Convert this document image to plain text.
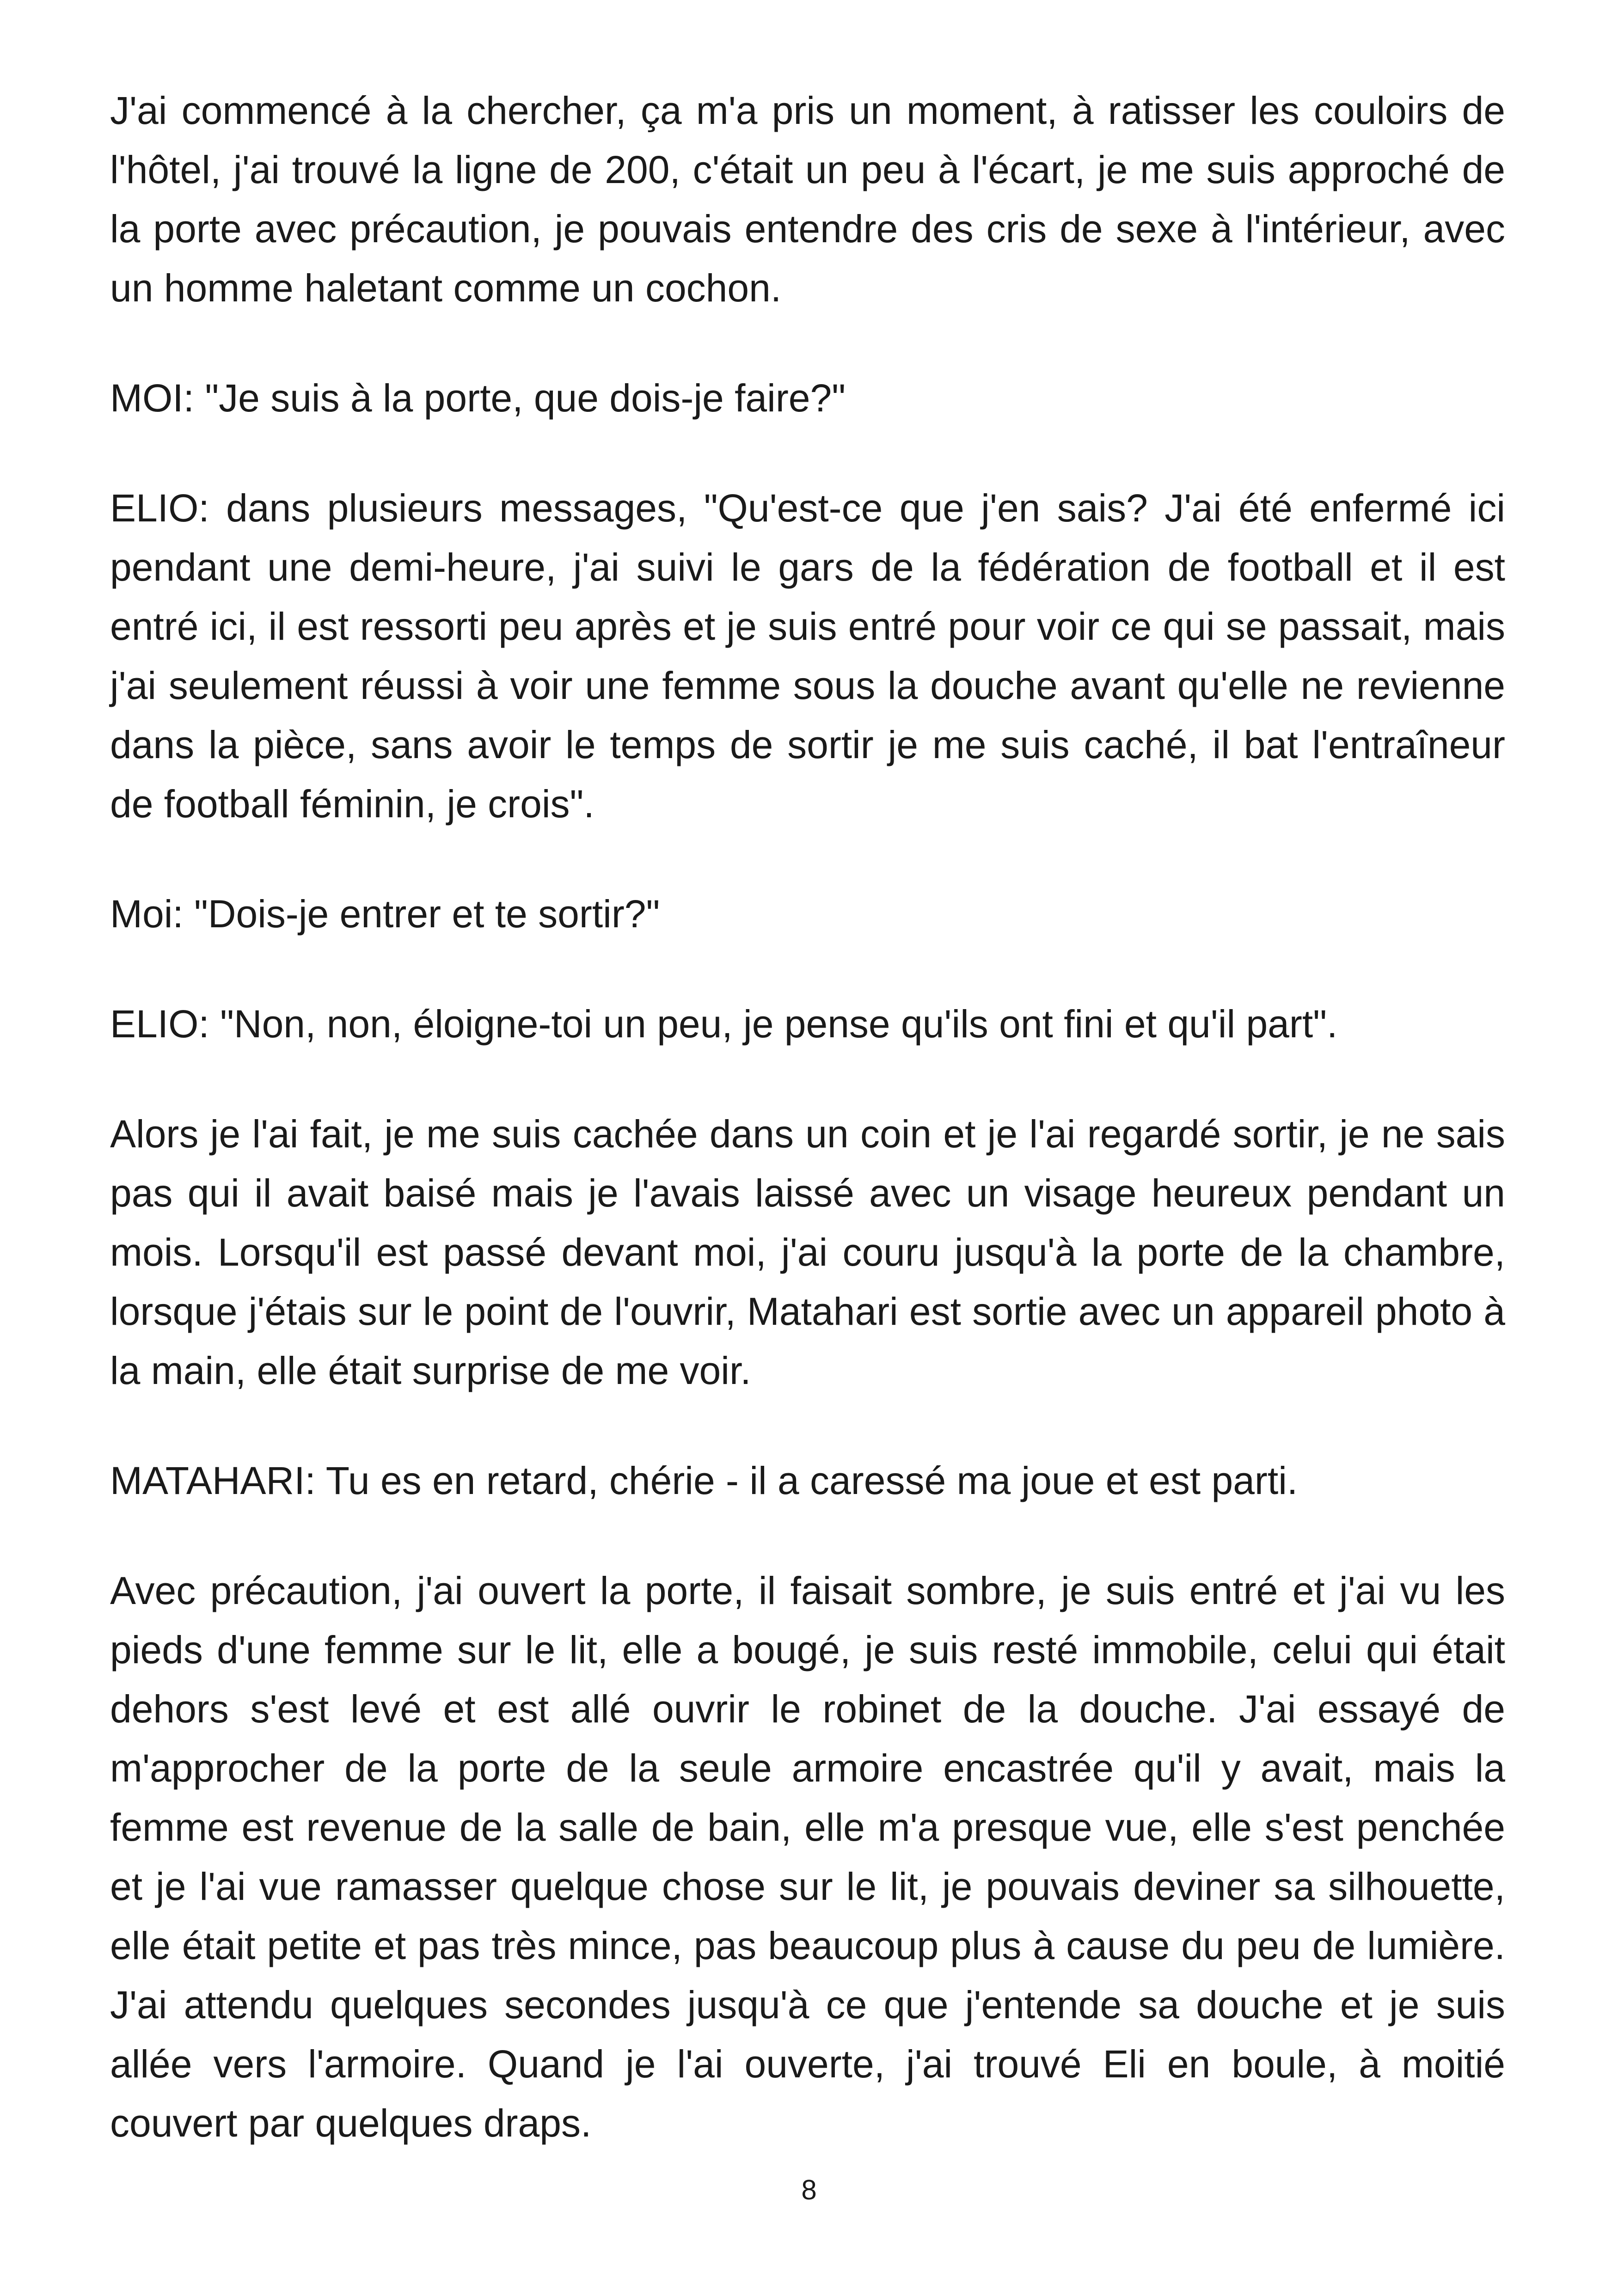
J'ai commencé à la chercher, ça m'a pris un moment, à ratisser les couloirs de l'hôtel, j'ai trouvé la ligne de 200, c'était un peu à l'écart, je me suis approché de la porte avec précaution, je pouvais entendre des cris de sexe à l'intérieur, avec un homme haletant comme un cochon.

MOI: "Je suis à la porte, que dois-je faire?"

ELIO: dans plusieurs messages, "Qu'est-ce que j'en sais? J'ai été enfermé ici pendant une demi-heure, j'ai suivi le gars de la fédération de football et il est entré ici, il est ressorti peu après et je suis entré pour voir ce qui se passait, mais j'ai seulement réussi à voir une femme sous la douche avant qu'elle ne revienne dans la pièce, sans avoir le temps de sortir je me suis caché, il bat l'entraîneur de football féminin, je crois".

Moi: "Dois-je entrer et te sortir?"

ELIO: "Non, non, éloigne-toi un peu, je pense qu'ils ont fini et qu'il part".

Alors je l'ai fait, je me suis cachée dans un coin et je l'ai regardé sortir, je ne sais pas qui il avait baisé mais je l'avais laissé avec un visage heureux pendant un mois. Lorsqu'il est passé devant moi, j'ai couru jusqu'à la porte de la chambre, lorsque j'étais sur le point de l'ouvrir, Matahari est sortie avec un appareil photo à la main, elle était surprise de me voir.

MATAHARI: Tu es en retard, chérie - il a caressé ma joue et est parti.

Avec précaution, j'ai ouvert la porte, il faisait sombre, je suis entré et j'ai vu les pieds d'une femme sur le lit, elle a bougé, je suis resté immobile, celui qui était dehors s'est levé et est allé ouvrir le robinet de la douche. J'ai essayé de m'approcher de la porte de la seule armoire encastrée qu'il y avait, mais la femme est revenue de la salle de bain, elle m'a presque vue, elle s'est penchée et je l'ai vue ramasser quelque chose sur le lit, je pouvais deviner sa silhouette, elle était petite et pas très mince, pas beaucoup plus à cause du peu de lumière. J'ai attendu quelques secondes jusqu'à ce que j'entende sa douche et je suis allée vers l'armoire. Quand je l'ai ouverte, j'ai trouvé Eli en boule, à moitié couvert par quelques draps.

8
